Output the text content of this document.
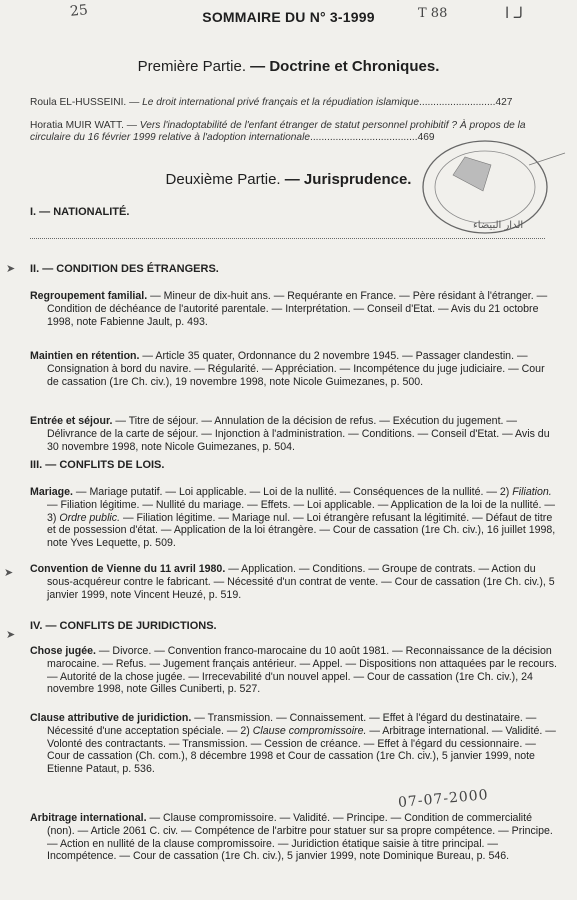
25	T 88	لـ ا
SOMMAIRE DU N° 3-1999
Première Partie. — Doctrine et Chroniques.
Roula EL-HUSSEINI. — Le droit international privé français et la répudiation islamique...........................427
Horatia MUIR WATT. — Vers l'inadoptabilité de l'enfant étranger de statut personnel prohibitif ? À propos de la circulaire du 16 février 1999 relative à l'adoption internationale......................................469
Deuxième Partie. — Jurisprudence.
الدار البيضاء
I. — NATIONALITÉ.
II. — CONDITION DES ÉTRANGERS.
Regroupement familial. — Mineur de dix-huit ans. — Requérante en France. — Père résidant à l'étranger. — Condition de déchéance de l'autorité parentale. — Interprétation. — Conseil d'Etat. — Avis du 21 octobre 1998, note Fabienne Jault, p. 493.
Maintien en rétention. — Article 35 quater, Ordonnance du 2 novembre 1945. — Passager clandestin. — Consignation à bord du navire. — Régularité. — Appréciation. — Incompétence du juge judiciaire. — Cour de cassation (1re Ch. civ.), 19 novembre 1998, note Nicole Guimezanes, p. 500.
Entrée et séjour. — Titre de séjour. — Annulation de la décision de refus. — Exécution du jugement. — Délivrance de la carte de séjour. — Injonction à l'administration. — Conditions. — Conseil d'Etat. — Avis du 30 novembre 1998, note Nicole Guimezanes, p. 504.
III. — CONFLITS DE LOIS.
Mariage. — Mariage putatif. — Loi applicable. — Loi de la nullité. — Conséquences de la nullité. — 2) Filiation. — Filiation légitime. — Nullité du mariage. — Effets. — Loi applicable. — Application de la loi de la nullité. — 3) Ordre public. — Filiation légitime. — Mariage nul. — Loi étrangère refusant la légitimité. — Défaut de titre et de possession d'état. — Application de la loi étrangère. — Cour de cassation (1re Ch. civ.), 16 juillet 1998, note Yves Lequette, p. 509.
Convention de Vienne du 11 avril 1980. — Application. — Conditions. — Groupe de contrats. — Action du sous-acquéreur contre le fabricant. — Nécessité d'un contrat de vente. — Cour de cassation (1re Ch. civ.), 5 janvier 1999, note Vincent Heuzé, p. 519.
IV. — CONFLITS DE JURIDICTIONS.
Chose jugée. — Divorce. — Convention franco-marocaine du 10 août 1981. — Reconnaissance de la décision marocaine. — Refus. — Jugement français antérieur. — Appel. — Dispositions non attaquées par le recours. — Autorité de la chose jugée. — Irrecevabilité d'un nouvel appel. — Cour de cassation (1re Ch. civ.), 24 novembre 1998, note Gilles Cuniberti, p. 527.
Clause attributive de juridiction. — Transmission. — Connaissement. — Effet à l'égard du destinataire. — Nécessité d'une acceptation spéciale. — 2) Clause compromissoire. — Arbitrage international. — Validité. — Volonté des contractants. — Transmission. — Cession de créance. — Effet à l'égard du cessionnaire. — Cour de cassation (Ch. com.), 8 décembre 1998 et Cour de cassation (1re Ch. civ.), 5 janvier 1999, note Etienne Pataut, p. 536.
07-07-2000
Arbitrage international. — Clause compromissoire. — Validité. — Principe. — Condition de commercialité (non). — Article 2061 C. civ. — Compétence de l'arbitre pour statuer sur sa propre compétence. — Principe. — Action en nullité de la clause compromissoire. — Juridiction étatique saisie à titre principal. — Incompétence. — Cour de cassation (1re Ch. civ.), 5 janvier 1999, note Dominique Bureau, p. 546.
➤
➤
➤
